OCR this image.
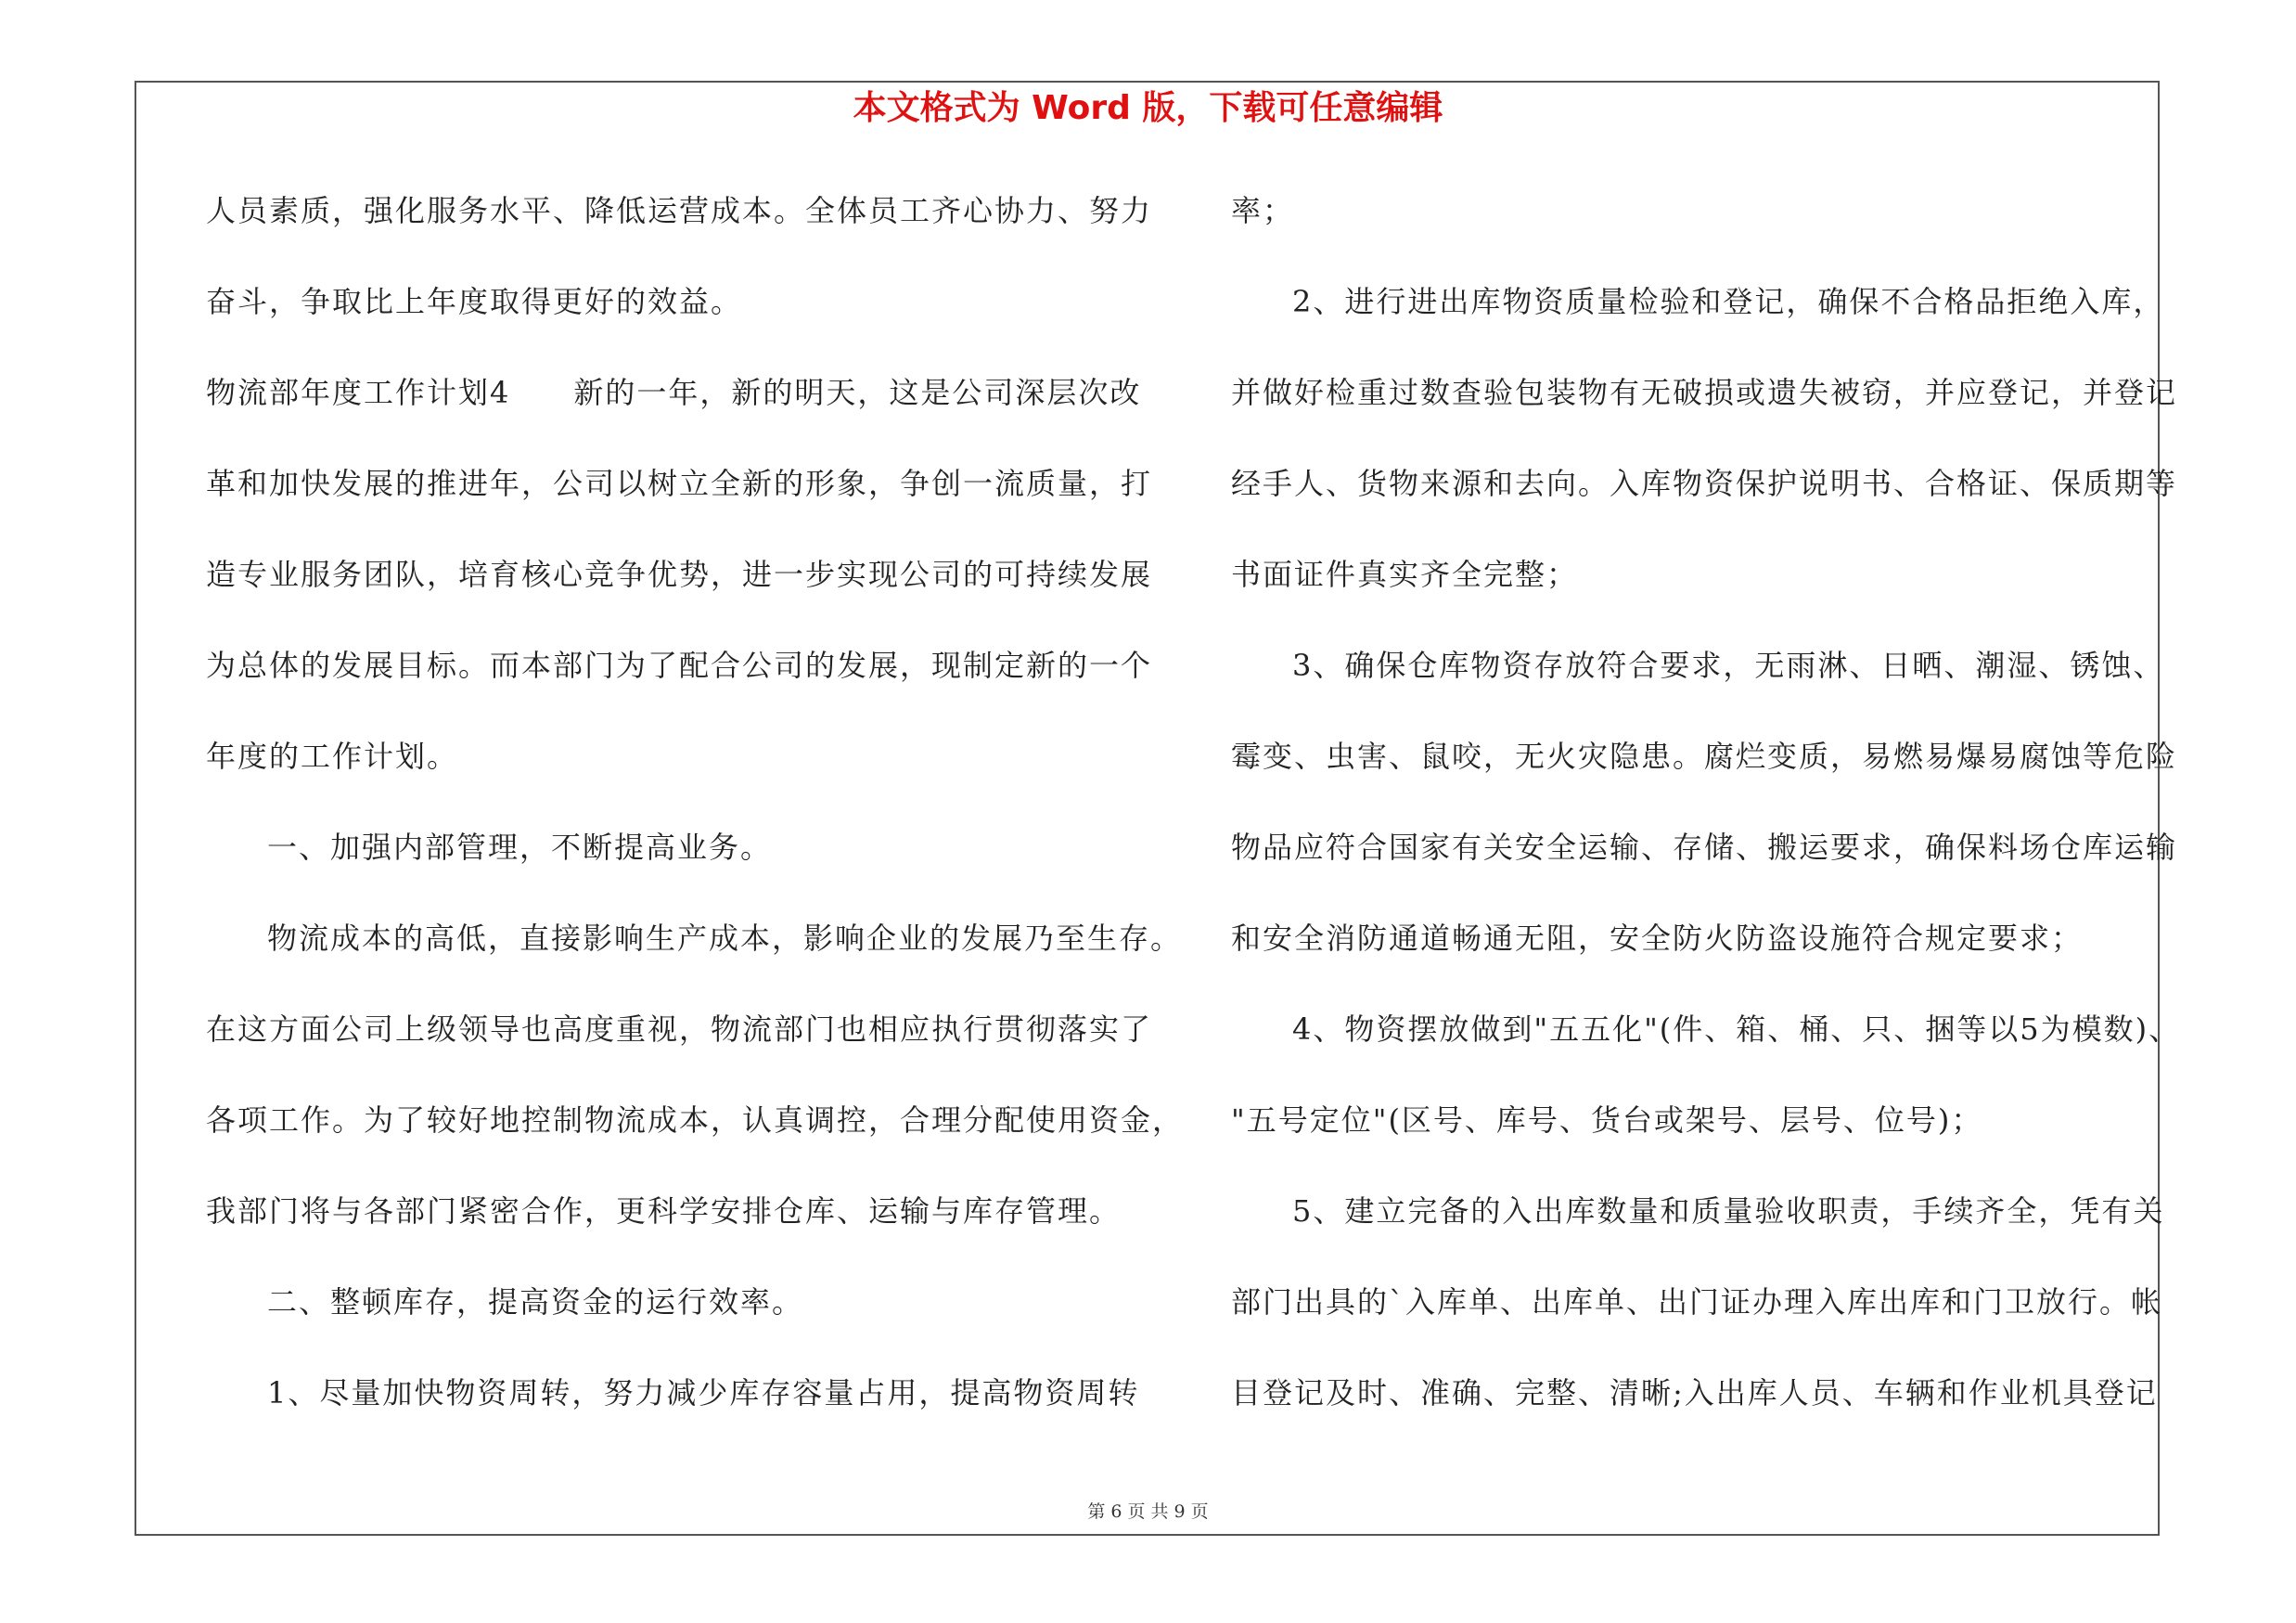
本文格式为 Word 版，下载可任意编辑
人员素质，强化服务水平、降低运营成本。全体员工齐心协力、努力
奋斗，争取比上年度取得更好的效益。
物流部年度工作计划4　　新的一年，新的明天，这是公司深层次改
革和加快发展的推进年，公司以树立全新的形象，争创一流质量，打
造专业服务团队，培育核心竞争优势，进一步实现公司的可持续发展
为总体的发展目标。而本部门为了配合公司的发展，现制定新的一个
年度的工作计划。
一、加强内部管理，不断提高业务。
物流成本的高低，直接影响生产成本，影响企业的发展乃至生存。
在这方面公司上级领导也高度重视，物流部门也相应执行贯彻落实了
各项工作。为了较好地控制物流成本，认真调控，合理分配使用资金，
我部门将与各部门紧密合作，更科学安排仓库、运输与库存管理。
二、整顿库存，提高资金的运行效率。
1、尽量加快物资周转，努力减少库存容量占用，提高物资周转
率；
2、进行进出库物资质量检验和登记，确保不合格品拒绝入库，
并做好检重过数查验包装物有无破损或遗失被窃，并应登记，并登记
经手人、货物来源和去向。入库物资保护说明书、合格证、保质期等
书面证件真实齐全完整；
3、确保仓库物资存放符合要求，无雨淋、日晒、潮湿、锈蚀、
霉变、虫害、鼠咬，无火灾隐患。腐烂变质，易燃易爆易腐蚀等危险
物品应符合国家有关安全运输、存储、搬运要求，确保料场仓库运输
和安全消防通道畅通无阻，安全防火防盗设施符合规定要求；
4、物资摆放做到"五五化"(件、箱、桶、只、捆等以5为模数)、
"五号定位"(区号、库号、货台或架号、层号、位号)；
5、建立完备的入出库数量和质量验收职责，手续齐全，凭有关
部门出具的`入库单、出库单、出门证办理入库出库和门卫放行。帐
目登记及时、准确、完整、清晰;入出库人员、车辆和作业机具登记
第 6 页 共 9 页
